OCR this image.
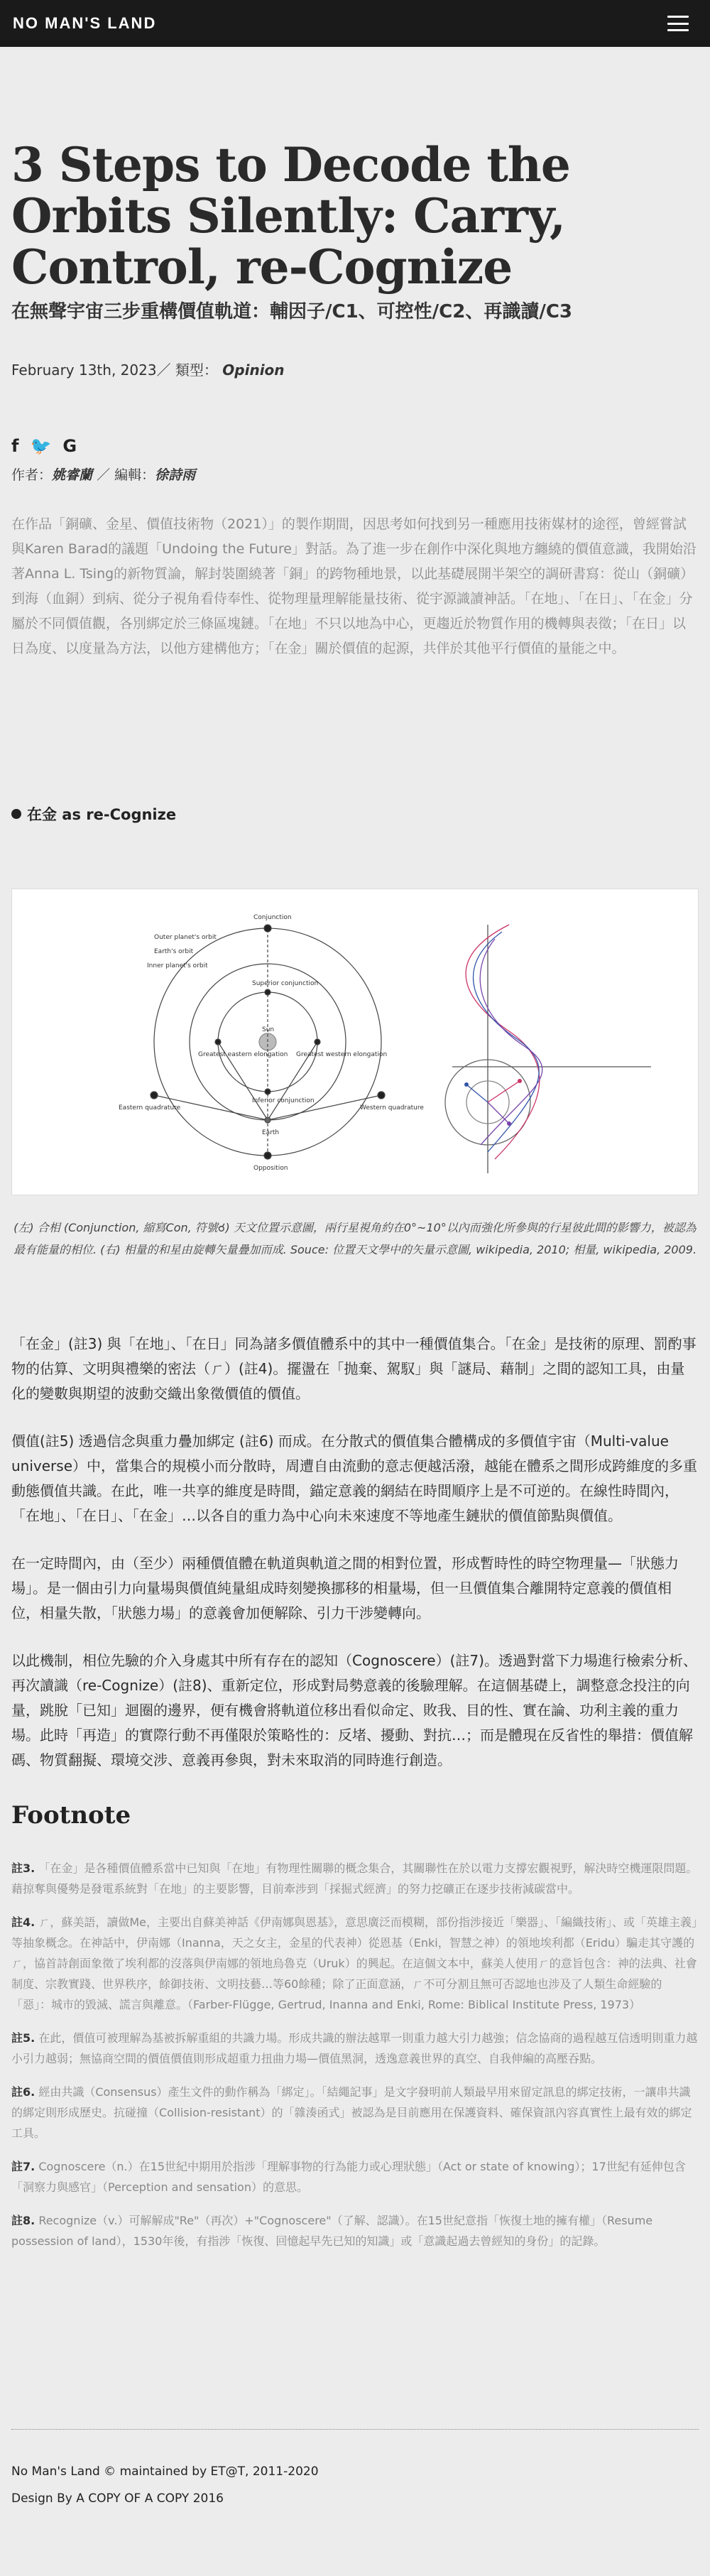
NO MAN'S LAND
3 Steps to Decode the Orbits Silently: Carry, Control, re-Cognize
在無聲宇宙三步重構價值軌道：輔因子/C1、可控性/C2、再識讀/C3
February 13th, 2023／ 類型： Opinion
f 🐦 G
作者：姚睿蘭 ／ 編輯：徐詩雨

在作品「銅礦、金星、價值技術物（2021）」的製作期間，因思考如何找到另一種應用技術媒材的途徑，曾經嘗試與Karen Barad的議題「Undoing the Future」對話。為了進一步在創作中深化與地方纏繞的價值意識，我開始沿著Anna L. Tsing的新物質論，解封裝圍繞著「銅」的跨物種地景，以此基礎展開半架空的調研書寫：從山（銅礦）到海（血銅）到病、從分子視角看侍奉性、從物理量理解能量技術、從宇源識讀神話。「在地」、「在日」、「在金」分屬於不同價值觀，各別綁定於三條區塊鏈。「在地」不只以地為中心，更趨近於物質作用的機轉與表徵；「在日」以日為度、以度量為方法，以他方建構他方；「在金」關於價值的起源，共伴於其他平行價值的量能之中。

在金 as re-Cognize
Conjunction
Outer planet's orbit
Earth's orbit
Inner planet's orbit
Superior conjunction
Sun
Greatest eastern elongation Greatest western elongation
Inferior conjunction
Eastern quadrature	Western quadrature
Earth
Opposition
(左) 合相 (Conjunction, 縮寫Con, 符號☌) 天文位置示意圖，兩行星視角約在0°~10°以內而強化所參與的行星彼此間的影響力，被認為最有能量的相位. (右) 相量的和星由旋轉矢量疊加而成. Souce: 位置天文學中的矢量示意圖, wikipedia, 2010; 相量, wikipedia, 2009.

「在金」(註3) 與「在地」、「在日」同為諸多價值體系中的其中一種價值集合。「在金」是技術的原理、罰酌事物的估算、文明與禮樂的密法（ㄏ）(註4)。擺盪在「抛棄、駕馭」與「謎局、藉制」之間的認知工具，由量化的變數與期望的波動交織出象徵價值的價值。

價值(註5) 透過信念與重力疊加綁定 (註6) 而成。在分散式的價值集合體構成的多價值宇宙（Multi-value universe）中，當集合的規模小而分散時，周遭自由流動的意志便越活潑，越能在體系之間形成跨維度的多重動態價值共識。在此，唯一共享的維度是時間，錨定意義的網結在時間順序上是不可逆的。在線性時間內，「在地」、「在日」、「在金」…以各自的重力為中心向未來速度不等地產生鏈狀的價值節點與價值。

在一定時間內，由（至少）兩種價值體在軌道與軌道之間的相對位置，形成暫時性的時空物理量—「狀態力場」。是一個由引力向量場與價值純量組成時刻變換挪移的相量場，但一旦價值集合離開特定意義的價值相位，相量失散，「狀態力場」的意義會加便解除、引力干涉變轉向。

以此機制，相位先驗的介入身處其中所有存在的認知（Cognoscere）(註7)。透過對當下力場進行檢索分析、再次讀識（re-Cognize）(註8)、重新定位，形成對局勢意義的後驗理解。在這個基礎上，調整意念投注的向量，跳脫「已知」迴圈的邊界，便有機會將軌道位移出看似命定、敗我、目的性、實在論、功利主義的重力場。此時「再造」的實際行動不再僅限於策略性的：反堵、擾動、對抗…；而是體現在反省性的舉措：價值解碼、物質翻擬、環境交涉、意義再參與，對未來取消的同時進行創造。

Footnote

註3. 「在金」是各種價值體系當中已知與「在地」有物理性關聯的概念集合，其關聯性在於以電力支撐宏觀視野，解決時空機運限問題。藉掠奪與優勢是發電系統對「在地」的主要影響，目前牽涉到「採掘式經濟」的努力挖礦正在逐步技術減碳當中。

註4. ㄏ，蘇美語，讀做Me，主要出自蘇美神話《伊南娜與恩基》，意思廣泛而模糊，部份指涉接近「樂器」、「編織技術」、或「英雄主義」等抽象概念。在神話中，伊南娜（Inanna，天之女主，金星的代表神）從恩基（Enki，智慧之神）的領地埃利都（Eridu）騙走其守護的ㄏ，協首詩創面象徵了埃利都的沒落與伊南娜的領地烏魯克（Uruk）的興起。在這個文本中，蘇美人使用ㄏ的意旨包含：神的法典、社會制度、宗教實踐、世界秩序，餘御技術、文明技藝…等60餘種；除了正面意涵，ㄏ不可分割且無可否認地也涉及了人類生命經驗的「惡」：城市的毀滅、謊言與離意。（Farber-Flügge, Gertrud, Inanna and Enki, Rome: Biblical Institute Press, 1973）

註5. 在此，價值可被理解為基被拆解重組的共識力場。形成共識的辦法越單一則重力越大引力越強；信念協商的過程越互信透明則重力越小引力越弱；無協商空間的價值價值則形成超重力扭曲力場—價值黑洞，透逸意義世界的真空、自我伸編的高壓吞點。

註6. 經由共識（Consensus）產生文件的動作稱為「綁定」。「結繩記事」是文字發明前人類最早用來留定訊息的綁定技術，一讓串共識的綁定則形成歷史。抗碰撞（Collision-resistant）的「雜湊函式」被認為是目前應用在保護資料、確保資訊內容真實性上最有效的綁定工具。

註7. Cognoscere（n.）在15世紀中期用於指涉「理解事物的行為能力或心理狀態」（Act or state of knowing）；17世紀有延伸包含「洞察力與感官」（Perception and sensation）的意思。

註8. Recognize（v.）可解解成"Re"（再次）+"Cognoscere"（了解、認識）。在15世紀意指「恢復土地的擁有權」（Resume possession of land），1530年後，有指涉「恢復、回憶起早先已知的知識」或「意識起過去曾經知的身份」的記錄。

No Man's Land © maintained by ET@T, 2011-2020
Design By A COPY OF A COPY 2016
